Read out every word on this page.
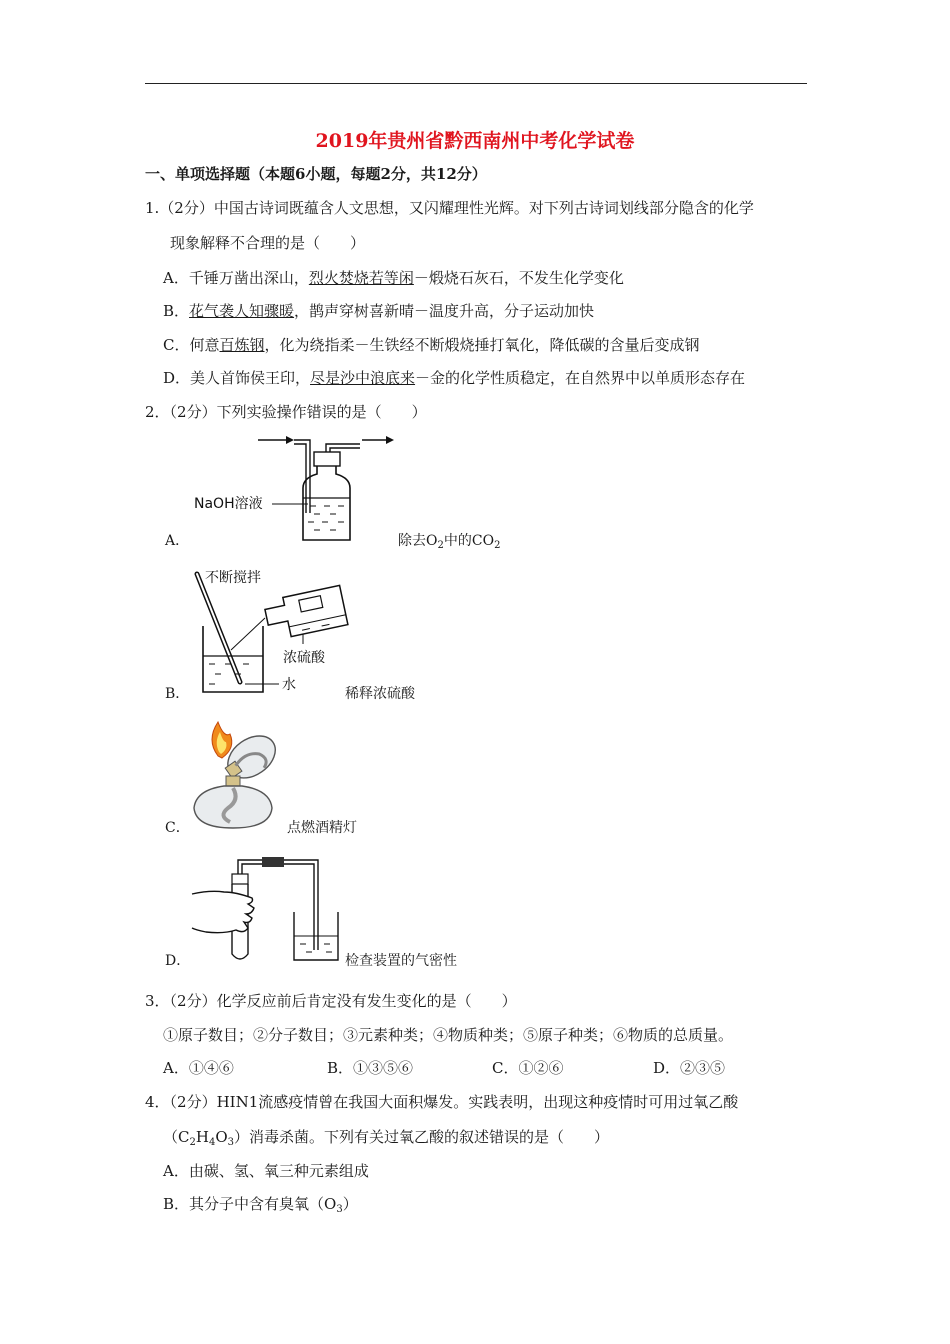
2019年贵州省黔西南州中考化学试卷
一、单项选择题（本题6小题，每题2分，共12分）
1.（2分）中国古诗词既蕴含人文思想，又闪耀理性光辉。对下列古诗词划线部分隐含的化学
现象解释不合理的是（　　）
A．千锤万凿出深山，烈火焚烧若等闲－煅烧石灰石，不发生化学变化
B．花气袭人知骤暖，鹊声穿树喜新晴－温度升高，分子运动加快
C．何意百炼钢，化为绕指柔－生铁经不断煅烧捶打氧化，降低碳的含量后变成钢
D．美人首饰侯王印，尽是沙中浪底来－金的化学性质稳定，在自然界中以单质形态存在
2．（2分）下列实验操作错误的是（　　）
NaOH溶液
A．	除去$O_2$中的$CO_2$
不断搅拌
浓硫酸
水
B．	稀释浓硫酸
C．	点燃酒精灯
D．	检查装置的气密性
3．（2分）化学反应前后肯定没有发生变化的是（　　）
①原子数目；②分子数目；③元素种类；④物质种类；⑤原子种类；⑥物质的总质量。
A．①④⑥	B．①③⑤⑥	C．①②⑥	D．②③⑤
4．（2分）HIN1流感疫情曾在我国大面积爆发。实践表明，出现这种疫情时可用过氧乙酸
$(C_2H_4O_3)$消毒杀菌。下列有关过氧乙酸的叙述错误的是（　　）
A．由碳、氢、氧三种元素组成
B．其分子中含有臭氧$(O_3)$
